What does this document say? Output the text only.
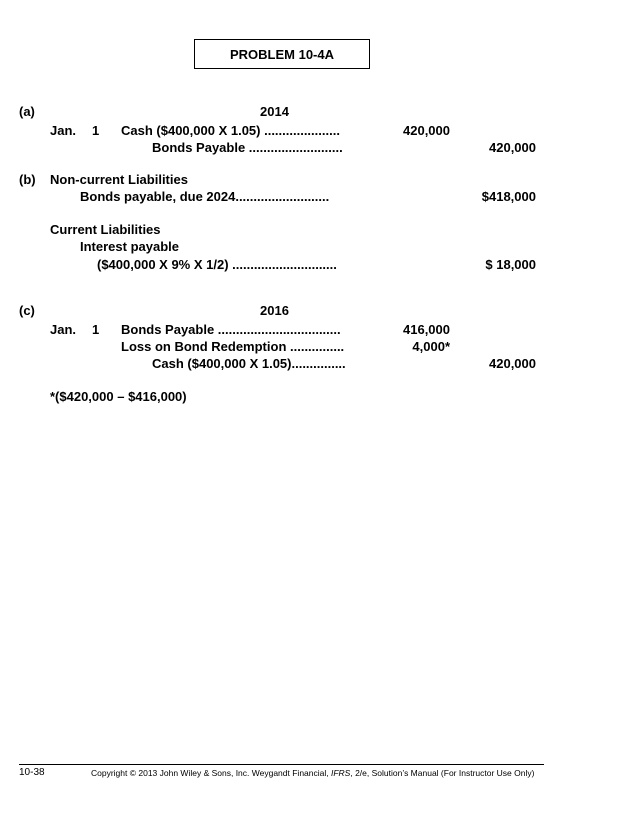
PROBLEM 10-4A
(a)	2014
Jan. 1 Cash ($400,000 X 1.05) .....................	420,000
Bonds Payable ..........................	420,000
(b) Non-current Liabilities
Bonds payable, due 2024..........................	$418,000
Current Liabilities
Interest payable
($400,000 X 9% X 1/2) .............................	$ 18,000
(c)	2016
Jan. 1 Bonds Payable ..................................	416,000
Loss on Bond Redemption ...............	4,000*
Cash ($400,000 X 1.05)...............	420,000
*($420,000 – $416,000)
10-38	Copyright © 2013 John Wiley & Sons, Inc. Weygandt Financial, IFRS, 2/e, Solution’s Manual (For Instructor Use Only)
